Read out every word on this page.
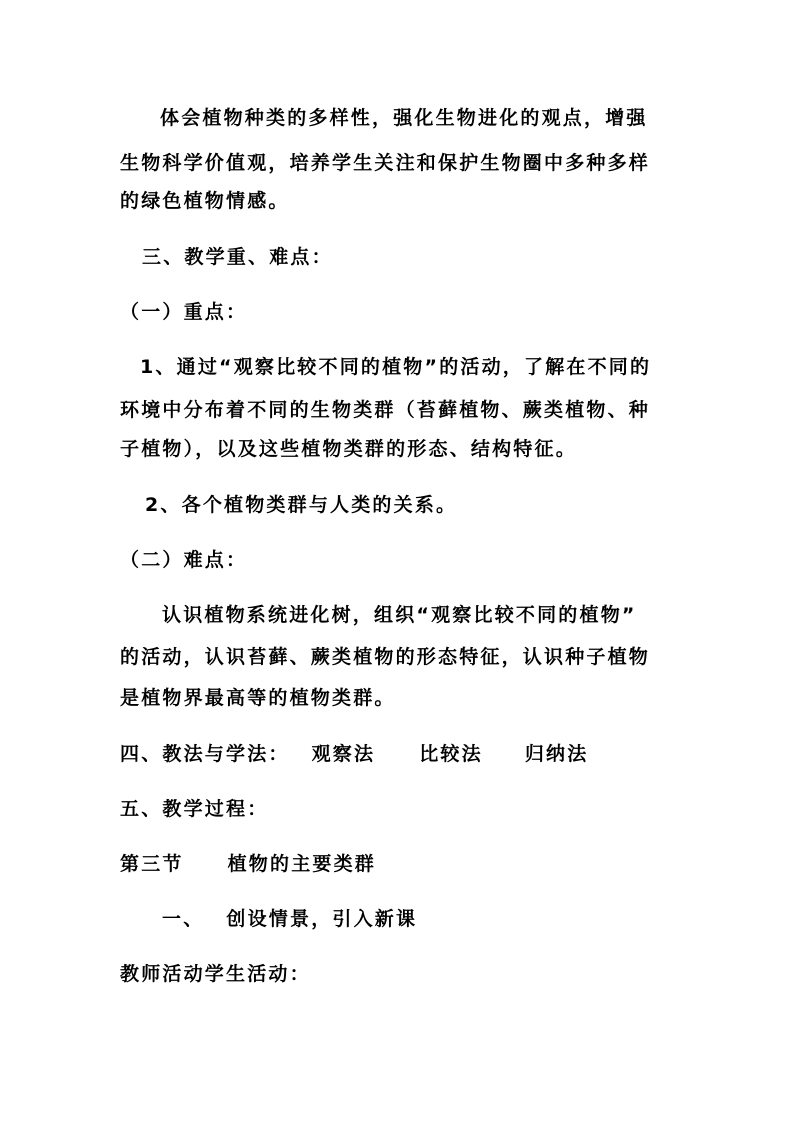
体会植物种类的多样性，强化生物进化的观点，增强
生物科学价值观，培养学生关注和保护生物圈中多种多样
的绿色植物情感。
三、教学重、难点：
（一）重点：
1、通过“观察比较不同的植物”的活动，了解在不同的
环境中分布着不同的生物类群（苔藓植物、蕨类植物、种
子植物），以及这些植物类群的形态、结构特征。
2、各个植物类群与人类的关系。
（二）难点：
认识植物系统进化树，组织“观察比较不同的植物”
的活动，认识苔藓、蕨类植物的形态特征，认识种子植物
是植物界最高等的植物类群。
四、教法与学法： 观察法 比较法 归纳法
五、教学过程：
第三节 植物的主要类群
一、 创设情景，引入新课
教师活动学生活动：
